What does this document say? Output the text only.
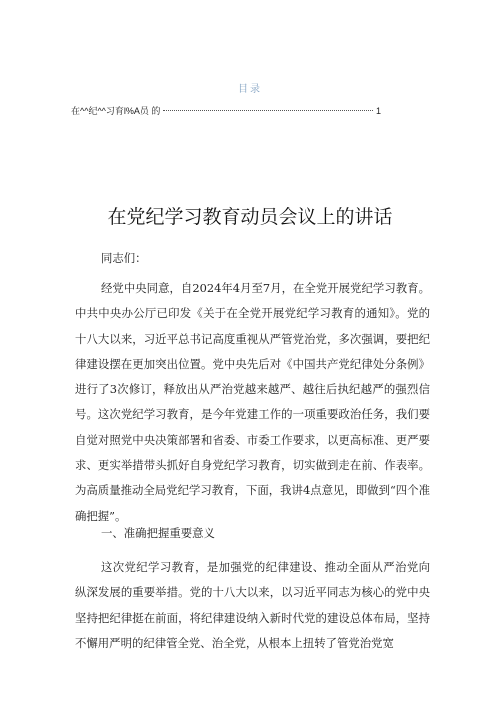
目录
在^^纪^^习育l%A员 的	1
在党纪学习教育动员会议上的讲话

同志们：

经党中央同意，自2024年4月至7月，在全党开展党纪学习教育。中共中央办公厅已印发《关于在全党开展党纪学习教育的通知》。党的十八大以来，习近平总书记高度重视从严管党治党，多次强调，要把纪律建设摆在更加突出位置。党中央先后对《中国共产党纪律处分条例》进行了3次修订，释放出从严治党越来越严、越往后执纪越严的强烈信号。这次党纪学习教育，是今年党建工作的一项重要政治任务，我们要自觉对照党中央决策部署和省委、市委工作要求，以更高标准、更严要求、更实举措带头抓好自身党纪学习教育，切实做到走在前、作表率。为高质量推动全局党纪学习教育，下面，我讲4点意见，即做到“四个准确把握”。

一、准确把握重要意义

这次党纪学习教育，是加强党的纪律建设、推动全面从严治党向纵深发展的重要举措。党的十八大以来，以习近平同志为核心的党中央坚持把纪律挺在前面，将纪律建设纳入新时代党的建设总体布局，坚持不懈用严明的纪律管全党、治全党，从根本上扭转了管党治党宽
